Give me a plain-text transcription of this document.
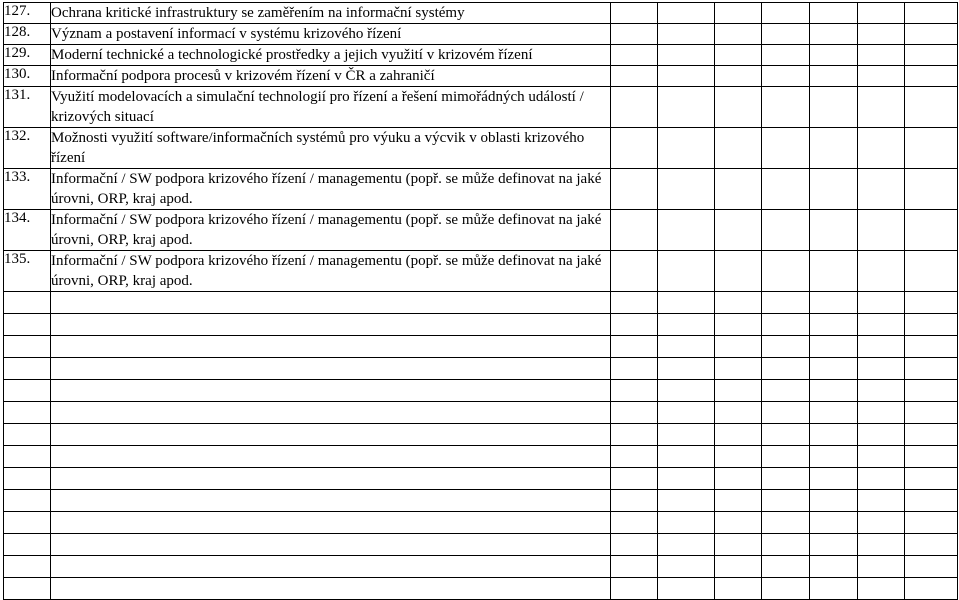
127.	Ochrana kritické infrastruktury se zaměřením na informační systémy							
128.	Význam a postavení informací v systému krizového řízení							
129.	Moderní technické a technologické prostředky a jejich využití v krizovém řízení							
130.	Informační podpora procesů v krizovém řízení v ČR a zahraničí							
131.	Využití modelovacích a simulační technologií pro řízení a řešení mimořádných událostí / krizových situací							
132.	Možnosti využití software/informačních systémů pro výuku a výcvik v oblasti krizového řízení							
133.	Informační / SW podpora krizového řízení / managementu (popř. se může definovat na jaké úrovni, ORP, kraj apod.							
134.	Informační / SW podpora krizového řízení / managementu (popř. se může definovat na jaké úrovni, ORP, kraj apod.							
135.	Informační / SW podpora krizového řízení / managementu (popř. se může definovat na jaké úrovni, ORP, kraj apod.							
